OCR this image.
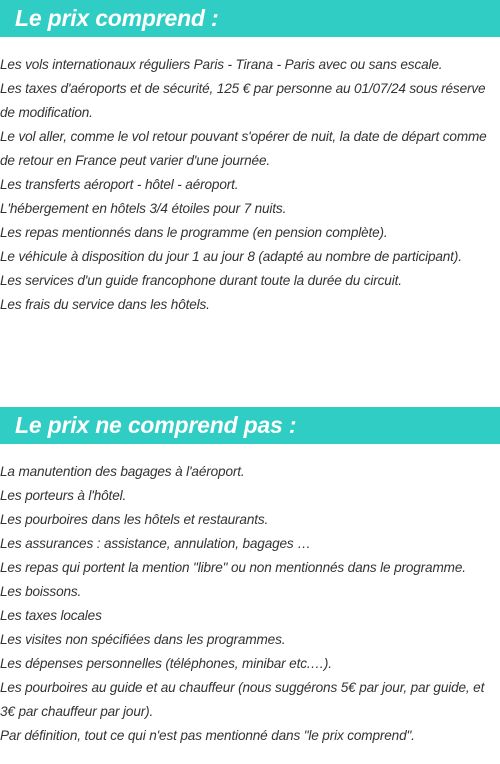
Le prix comprend :
Les vols internationaux réguliers Paris - Tirana - Paris avec ou sans escale.
Les taxes d'aéroports et de sécurité, 125 € par personne au 01/07/24 sous réserve de modification.
Le vol aller, comme le vol retour pouvant s'opérer de nuit, la date de départ comme de retour en France peut varier d'une journée.
Les transferts aéroport - hôtel - aéroport.
L'hébergement en hôtels 3/4 étoiles pour 7 nuits.
Les repas mentionnés dans le programme (en pension complète).
Le véhicule à disposition du jour 1 au jour 8 (adapté au nombre de participant).
Les services d'un guide francophone durant toute la durée du circuit.
Les frais du service dans les hôtels.
Le prix ne comprend pas :
La manutention des bagages à l'aéroport.
Les porteurs à l'hôtel.
Les pourboires dans les hôtels et restaurants.
Les assurances : assistance, annulation, bagages …
Les repas qui portent la mention "libre" ou non mentionnés dans le programme.
Les boissons.
Les taxes locales
Les visites non spécifiées dans les programmes.
Les dépenses personnelles (téléphones, minibar etc.…).
Les pourboires au guide et au chauffeur (nous suggérons 5€ par jour, par guide, et 3€ par chauffeur par jour).
Par définition, tout ce qui n'est pas mentionné dans "le prix comprend".
